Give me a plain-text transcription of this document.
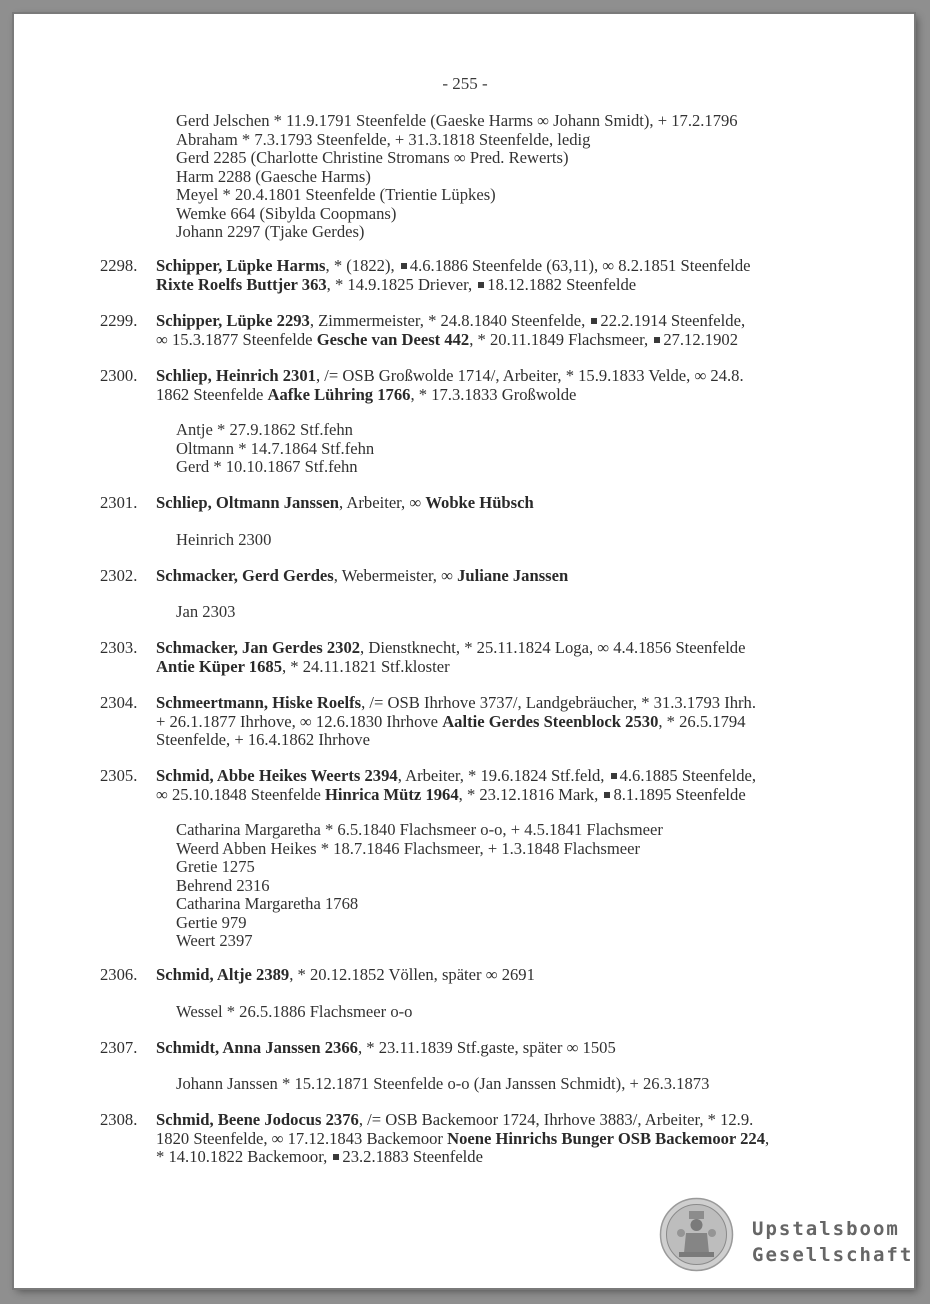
- 255 -
Gerd Jelschen * 11.9.1791 Steenfelde (Gaeske Harms ∞ Johann Smidt), + 17.2.1796
Abraham * 7.3.1793 Steenfelde, + 31.3.1818 Steenfelde, ledig
Gerd 2285 (Charlotte Christine Stromans ∞ Pred. Rewerts)
Harm 2288 (Gaesche Harms)
Meyel * 20.4.1801 Steenfelde (Trientie Lüpkes)
Wemke 664 (Sibylda Coopmans)
Johann 2297 (Tjake Gerdes)
2298.	Schipper, Lüpke Harms, * (1822), 4.6.1886 Steenfelde (63,11), ∞ 8.2.1851 Steenfelde
Rixte Roelfs Buttjer 363, * 14.9.1825 Driever, 18.12.1882 Steenfelde
2299.	Schipper, Lüpke 2293, Zimmermeister, * 24.8.1840 Steenfelde, 22.2.1914 Steenfelde,
∞ 15.3.1877 Steenfelde Gesche van Deest 442, * 20.11.1849 Flachsmeer, 27.12.1902
2300.	Schliep, Heinrich 2301, /= OSB Großwolde 1714/, Arbeiter, * 15.9.1833 Velde, ∞ 24.8.
1862 Steenfelde Aafke Lühring 1766, * 17.3.1833 Großwolde
Antje * 27.9.1862 Stf.fehn
Oltmann * 14.7.1864 Stf.fehn
Gerd * 10.10.1867 Stf.fehn
2301.	Schliep, Oltmann Janssen, Arbeiter, ∞ Wobke Hübsch
Heinrich 2300
2302.	Schmacker, Gerd Gerdes, Webermeister, ∞ Juliane Janssen
Jan 2303
2303.	Schmacker, Jan Gerdes 2302, Dienstknecht, * 25.11.1824 Loga, ∞ 4.4.1856 Steenfelde
Antie Küper 1685, * 24.11.1821 Stf.kloster
2304.	Schmeertmann, Hiske Roelfs, /= OSB Ihrhove 3737/, Landgebräucher, * 31.3.1793 Ihrh.
+ 26.1.1877 Ihrhove, ∞ 12.6.1830 Ihrhove Aaltie Gerdes Steenblock 2530, * 26.5.1794
Steenfelde, + 16.4.1862 Ihrhove
2305.	Schmid, Abbe Heikes Weerts 2394, Arbeiter, * 19.6.1824 Stf.feld, 4.6.1885 Steenfelde,
∞ 25.10.1848 Steenfelde Hinrica Mütz 1964, * 23.12.1816 Mark, 8.1.1895 Steenfelde
Catharina Margaretha * 6.5.1840 Flachsmeer o-o, + 4.5.1841 Flachsmeer
Weerd Abben Heikes * 18.7.1846 Flachsmeer, + 1.3.1848 Flachsmeer
Gretie 1275
Behrend 2316
Catharina Margaretha 1768
Gertie 979
Weert 2397
2306.	Schmid, Altje 2389, * 20.12.1852 Völlen, später ∞ 2691
Wessel * 26.5.1886 Flachsmeer o-o
2307.	Schmidt, Anna Janssen 2366, * 23.11.1839 Stf.gaste, später ∞ 1505
Johann Janssen * 15.12.1871 Steenfelde o-o (Jan Janssen Schmidt), + 26.3.1873
2308.	Schmid, Beene Jodocus 2376, /= OSB Backemoor 1724, Ihrhove 3883/, Arbeiter, * 12.9.
1820 Steenfelde, ∞ 17.12.1843 Backemoor Noene Hinrichs Bunger OSB Backemoor 224,
* 14.10.1822 Backemoor, 23.2.1883 Steenfelde
Upstalsboom
Gesellschaft
